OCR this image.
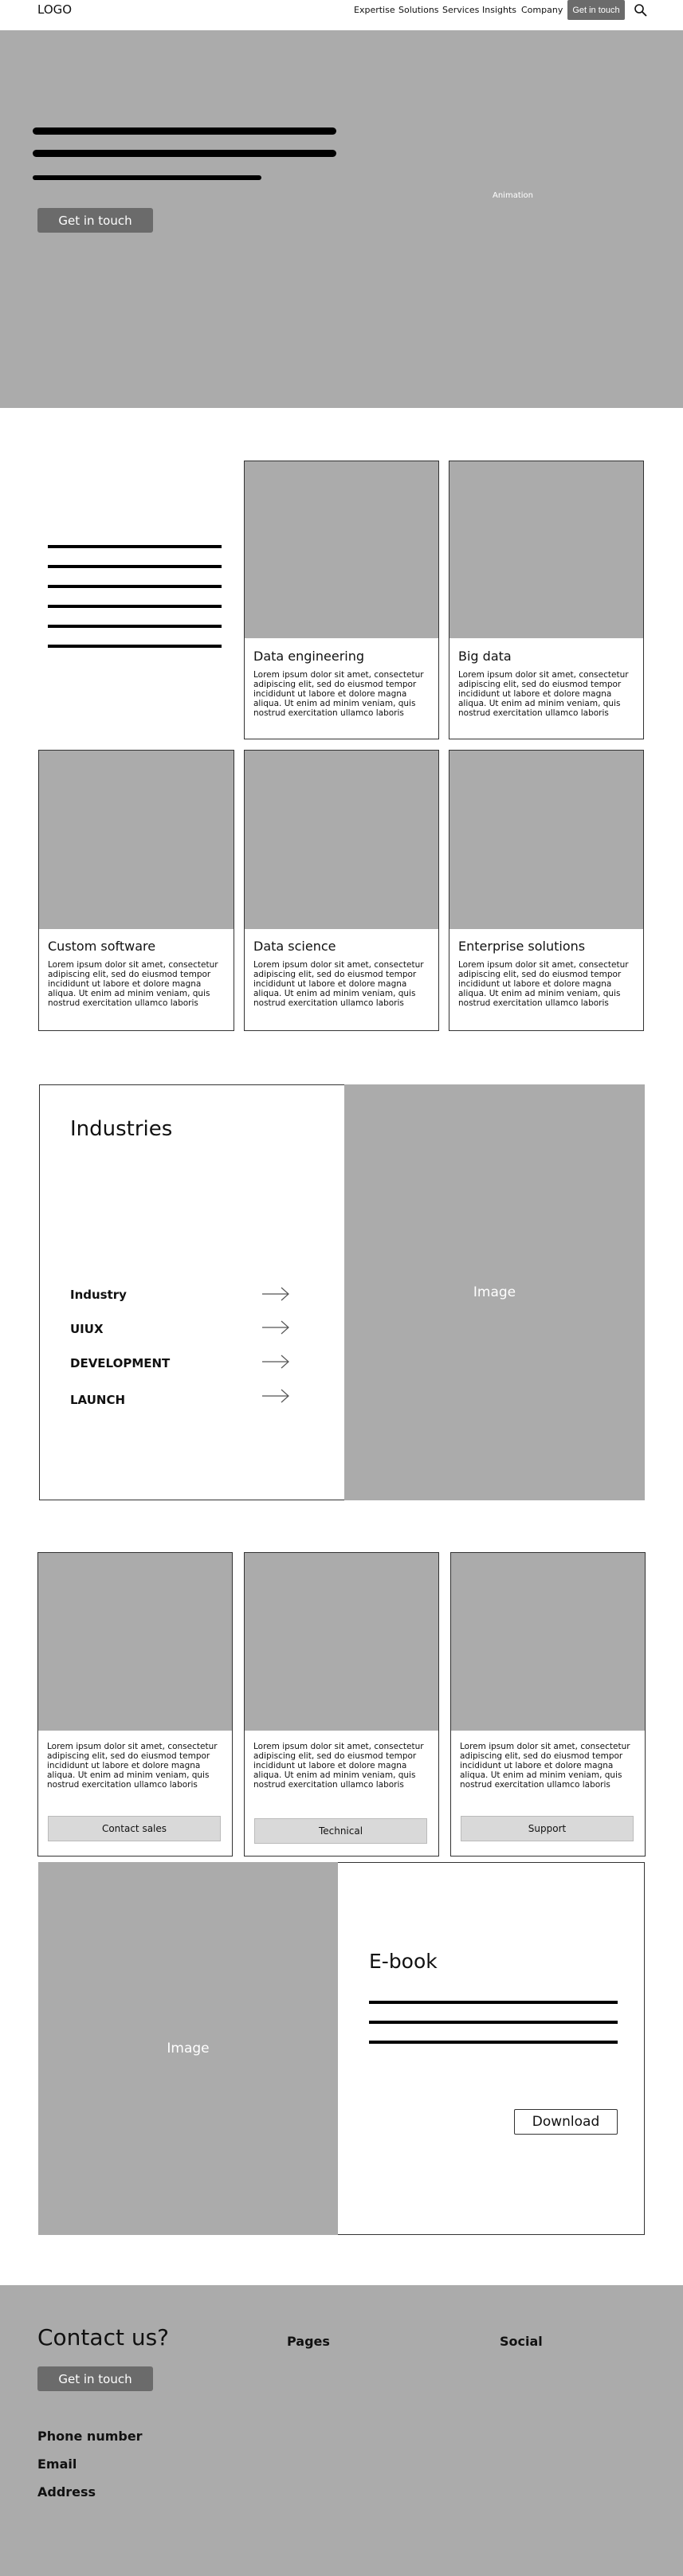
LOGO	Expertise Solutions Services Insights Company	Get in touch
Get in touch
Animation
Data engineering
Lorem ipsum dolor sit amet, consectetur adipiscing elit, sed do eiusmod tempor incididunt ut labore et dolore magna aliqua. Ut enim ad minim veniam, quis nostrud exercitation ullamco laboris
Big data
Lorem ipsum dolor sit amet, consectetur adipiscing elit, sed do eiusmod tempor incididunt ut labore et dolore magna aliqua. Ut enim ad minim veniam, quis nostrud exercitation ullamco laboris
Custom software
Lorem ipsum dolor sit amet, consectetur adipiscing elit, sed do eiusmod tempor incididunt ut labore et dolore magna aliqua. Ut enim ad minim veniam, quis nostrud exercitation ullamco laboris
Data science
Lorem ipsum dolor sit amet, consectetur adipiscing elit, sed do eiusmod tempor incididunt ut labore et dolore magna aliqua. Ut enim ad minim veniam, quis nostrud exercitation ullamco laboris
Enterprise solutions
Lorem ipsum dolor sit amet, consectetur adipiscing elit, sed do eiusmod tempor incididunt ut labore et dolore magna aliqua. Ut enim ad minim veniam, quis nostrud exercitation ullamco laboris
Image
Industries
Industry
UIUX
DEVELOPMENT
LAUNCH
Lorem ipsum dolor sit amet, consectetur adipiscing elit, sed do eiusmod tempor incididunt ut labore et dolore magna aliqua. Ut enim ad minim veniam, quis nostrud exercitation ullamco laboris
Contact sales
Lorem ipsum dolor sit amet, consectetur adipiscing elit, sed do eiusmod tempor incididunt ut labore et dolore magna aliqua. Ut enim ad minim veniam, quis nostrud exercitation ullamco laboris
Technical
Lorem ipsum dolor sit amet, consectetur adipiscing elit, sed do eiusmod tempor incididunt ut labore et dolore magna aliqua. Ut enim ad minim veniam, quis nostrud exercitation ullamco laboris
Support
Image
E-book
Download
Contact us?
Get in touch
Pages	Social
Phone number
Email
Address
